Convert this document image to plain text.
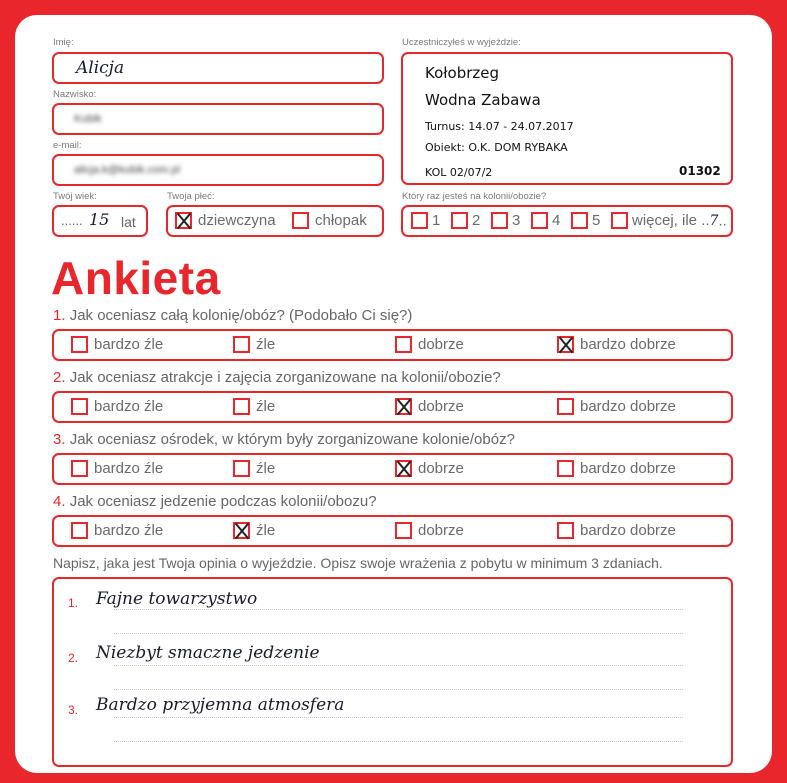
Imię:
Alicja
Nazwisko:
Kubik
e-mail:
alicja.k@kubik.com.pl
Uczestniczyłeś w wyjeździe:
Kołobrzeg
Wodna Zabawa
Turnus: 14.07 - 24.07.2017
Obiekt: O.K. DOM RYBAKA
KOL 02/07/2	01302
Twój wiek:
...... 15 lat
Twoja płeć:
dziewczyna	chłopak
Który raz jesteś na kolonii/obozie?
1	2	3	4	5	więcej, ile ..7..
Ankieta
1. Jak oceniasz całą kolonię/obóz? (Podobało Ci się?)
bardzo źle	źle	dobrze	bardzo dobrze
2. Jak oceniasz atrakcje i zajęcia zorganizowane na kolonii/obozie?
bardzo źle	źle	dobrze	bardzo dobrze
3. Jak oceniasz ośrodek, w którym były zorganizowane kolonie/obóz?
bardzo źle	źle	dobrze	bardzo dobrze
4. Jak oceniasz jedzenie podczas kolonii/obozu?
bardzo źle	źle	dobrze	bardzo dobrze
Napisz, jaka jest Twoja opinia o wyjeździe. Opisz swoje wrażenia z pobytu w minimum 3 zdaniach.
1. Fajne towarzystwo
2. Niezbyt smaczne jedzenie
3. Bardzo przyjemna atmosfera
